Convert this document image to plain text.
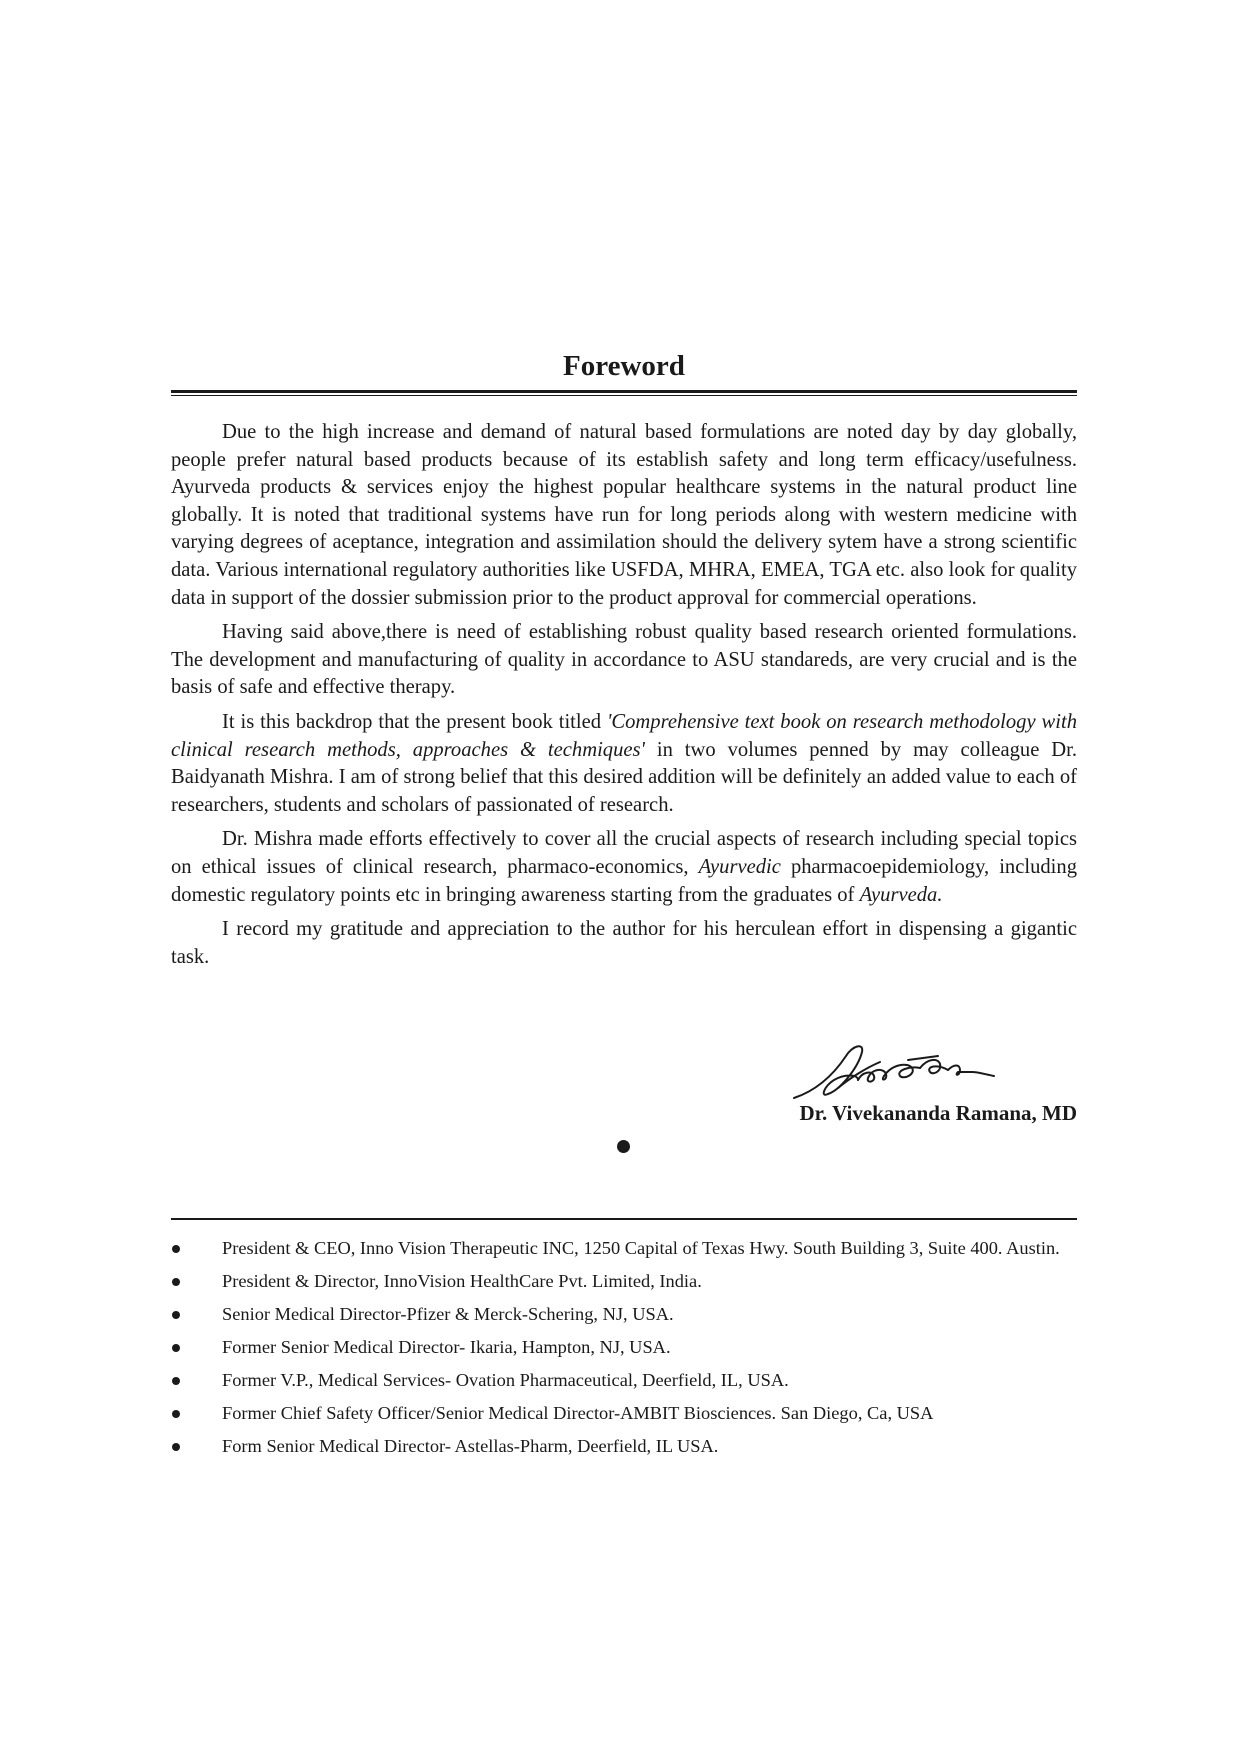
Foreword

Due to the high increase and demand of natural based formulations are noted day by day globally, people prefer natural based products because of its establish safety and long term efficacy/usefulness. Ayurveda products & services enjoy the highest popular healthcare systems in the natural product line globally. It is noted that traditional systems have run for long periods along with western medicine with varying degrees of aceptance, integration and assimilation should the delivery sytem have a strong scientific data. Various international regulatory authorities like USFDA, MHRA, EMEA, TGA etc. also look for quality data in support of the dossier submission prior to the product approval for commercial operations.

Having said above,there is need of establishing robust quality based research oriented formulations. The development and manufacturing of quality in accordance to ASU standareds, are very crucial and is the basis of safe and effective therapy.

It is this backdrop that the present book titled 'Comprehensive text book on research methodology with clinical research methods, approaches & techmiques' in two volumes penned by may colleague Dr. Baidyanath Mishra. I am of strong belief that this desired addition will be definitely an added value to each of researchers, students and scholars of passionated of research.

Dr. Mishra made efforts effectively to cover all the crucial aspects of research including special topics on ethical issues of clinical research, pharmaco-economics, Ayurvedic pharmacoepidemiology, including domestic regulatory points etc in bringing awareness starting from the graduates of Ayurveda.

I record my gratitude and appreciation to the author for his herculean effort in dispensing a gigantic task.

Dr. Vivekananda Ramana, MD
President & CEO, Inno Vision Therapeutic INC, 1250 Capital of Texas Hwy. South Building 3, Suite 400. Austin.
President & Director, InnoVision HealthCare Pvt. Limited, India.
Senior Medical Director-Pfizer & Merck-Schering, NJ, USA.
Former Senior Medical Director- Ikaria, Hampton, NJ, USA.
Former V.P., Medical Services- Ovation Pharmaceutical, Deerfield, IL, USA.
Former Chief Safety Officer/Senior Medical Director-AMBIT Biosciences. San Diego, Ca, USA
Form Senior Medical Director- Astellas-Pharm, Deerfield, IL USA.
